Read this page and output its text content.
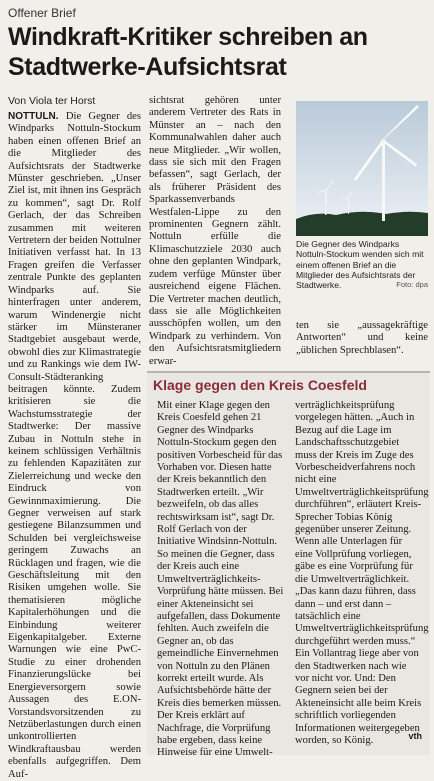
Offener Brief
Windkraft-Kritiker schreiben an Stadtwerke-Aufsichtsrat
Von Viola ter Horst
NOTTULN. Die Gegner des Windparks Nottuln-Stockum haben einen offenen Brief an die Mitglieder des Aufsichtsrats der Stadtwerke Münster geschrieben. „Unser Ziel ist, mit ihnen ins Gespräch zu kommen“, sagt Dr. Rolf Gerlach, der das Schreiben zusammen mit weiteren Vertretern der beiden Nottulner Initiativen verfasst hat. In 13 Fragen greifen die Verfasser zentrale Punkte des geplanten Windparks auf. Sie hinterfragen unter anderem, warum Windenergie nicht stärker im Münsteraner Stadtgebiet ausgebaut werde, obwohl dies zur Klimastrategie und zu Rankings wie dem IW-Consult-Städteranking beitragen könnte. Zudem kritisieren sie die Wachstumsstrategie der Stadtwerke: Der massive Zubau in Nottuln stehe in keinem schlüssigen Verhältnis zu fehlenden Kapazitäten zur Zielerreichung und wecke den Eindruck von Gewinnmaximierung. Die Gegner verweisen auf stark gestiegene Bilanzsummen und Schulden bei vergleichsweise geringem Zuwachs an Rücklagen und fragen, wie die Geschäftsleitung mit den Risiken umgehen wolle. Sie thematisieren mögliche Kapitalerhöhungen und die Einbindung weiterer Eigenkapitalgeber. Externe Warnungen wie eine PwC-Studie zu einer drohenden Finanzierungslücke bei Energieversorgern sowie Aussagen des E.ON-Vorstandsvorsitzenden zu Netzüberlastungen durch einen unkontrollierten Windkraftausbau werden ebenfalls aufgegriffen. Dem Auf-
sichtsrat gehören unter anderem Vertreter des Rats in Münster an – nach den Kommunalwahlen daher auch neue Mitglieder. „Wir wollen, dass sie sich mit den Fragen befassen“, sagt Gerlach, der als früherer Präsident des Sparkassenverbands Westfalen-Lippe zu den prominenten Gegnern zählt. Nottuln erfülle die Klimaschutzziele 2030 auch ohne den geplanten Windpark, zudem verfüge Münster über ausreichend eigene Flächen. Die Vertreter machen deutlich, dass sie alle Möglichkeiten ausschöpfen wollen, um den Windpark zu verhindern. Von den Aufsichtsratsmitgliedern erwar-
Die Gegner des Windparks Nottuln-Stockum wenden sich mit einem offenen Brief an die Mitglieder des Aufsichtsrats der Stadtwerke.	Foto: dpa
ten sie „aussagekräftige Antworten“ und keine „üblichen Sprechblasen“.
Klage gegen den Kreis Coesfeld
Mit einer Klage gegen den Kreis Coesfeld gehen 21 Gegner des Windparks Nottuln-Stockum gegen den positiven Vorbescheid für das Vorhaben vor. Diesen hatte der Kreis bekanntlich den Stadtwerken erteilt. „Wir bezweifeln, ob das alles rechtswirksam ist“, sagt Dr. Rolf Gerlach von der Initiative Windsinn-Nottuln. So meinen die Gegner, dass der Kreis auch eine Umweltverträglichkeits-Vorprüfung hätte müssen. Bei einer Akteneinsicht sei aufgefallen, dass Dokumente fehlten. Auch zweifeln die Gegner an, ob das gemeindliche Einvernehmen von Nottuln zu den Plänen korrekt erteilt wurde. Als Aufsichtsbehörde hätte der Kreis dies bemerken müssen. Der Kreis erklärt auf Nachfrage, die Vorprüfung habe ergeben, dass keine Hinweise für eine Umwelt-
verträglichkeitsprüfung vorgelegen hätten. „Auch in Bezug auf die Lage im Landschaftsschutzgebiet muss der Kreis im Zuge des Vorbescheidverfahrens noch nicht eine Umweltverträglichkeitsprüfung durchführen“, erläutert Kreis-Sprecher Tobias König gegenüber unserer Zeitung. Wenn alle Unterlagen für eine Vollprüfung vorliegen, gäbe es eine Vorprüfung für die Umweltverträglichkeit. „Das kann dazu führen, dass dann – und erst dann – tatsächlich eine Umweltverträglichkeitsprüfung durchgeführt werden muss.“ Ein Vollantrag liege aber von den Stadtwerken nach wie vor nicht vor. Und: Den Gegnern seien bei der Akteneinsicht alle beim Kreis schriftlich vorliegenden Informationen weitergegeben worden, so König.	vth
